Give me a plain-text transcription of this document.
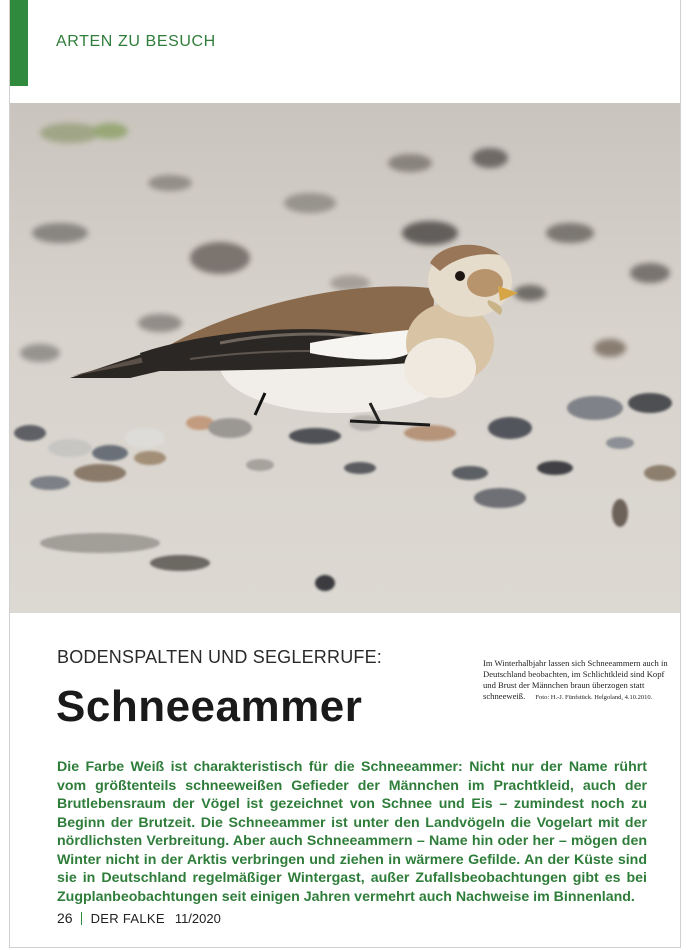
ARTEN ZU BESUCH
Im Winterhalbjahr lassen sich Schneeammern auch in Deutschland beobachten, im Schlichtkleid sind Kopf und Brust der Männchen braun überzogen statt schneeweiß. Foto: H.-J. Fünfstück. Helgoland, 4.10.2010.
BODENSPALTEN UND SEGLERRUFE:
Schneeammer
Die Farbe Weiß ist charakteristisch für die Schneeammer: Nicht nur der Name rührt vom größtenteils schneeweißen Gefieder der Männchen im Prachtkleid, auch der Brutlebensraum der Vögel ist gezeichnet von Schnee und Eis – zumindest noch zu Beginn der Brutzeit. Die Schneeammer ist unter den Landvögeln die Vogelart mit der nördlichsten Verbreitung. Aber auch Schneeammern – Name hin oder her – mögen den Winter nicht in der Arktis verbringen und ziehen in wärmere Gefilde. An der Küste sind sie in Deutschland regelmäßiger Wintergast, außer Zufallsbeobachtungen gibt es bei Zugplanbeobachtungen seit einigen Jahren vermehrt auch Nachweise im Binnenland.
26 DER FALKE 11/2020
